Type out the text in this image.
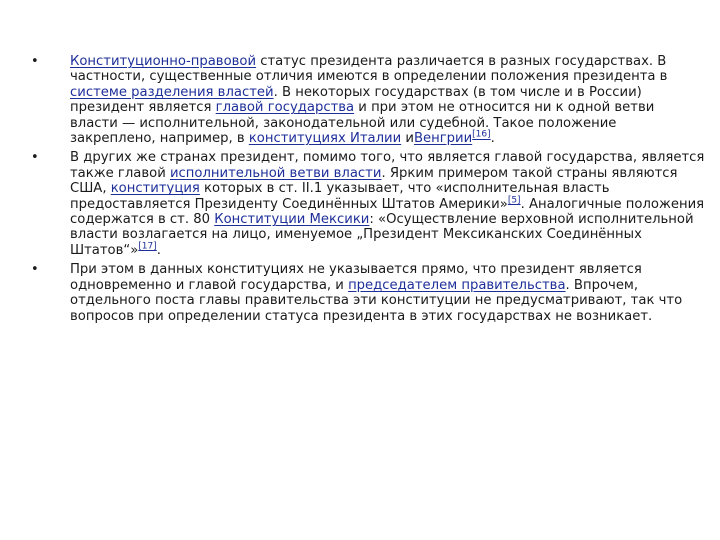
• Конституционно-правовой статус президента различается в разных государствах. В частности, существенные отличия имеются в определении положения президента в системе разделения властей. В некоторых государствах (в том числе и в России) президент является главой государства и при этом не относится ни к одной ветви власти — исполнительной, законодательной или судебной. Такое положение закреплено, например, в конституциях Италии иВенгрии[16].
• В других же странах президент, помимо того, что является главой государства, является также главой исполнительной ветви власти. Ярким примером такой страны являются США, конституция которых в ст. II.1 указывает, что «исполнительная власть предоставляется Президенту Соединённых Штатов Америки»[5]. Аналогичные положения содержатся в ст. 80 Конституции Мексики: «Осуществление верховной исполнительной власти возлагается на лицо, именуемое „Президент Мексиканских Соединённых Штатов“»[17].
• При этом в данных конституциях не указывается прямо, что президент является одновременно и главой государства, и председателем правительства. Впрочем, отдельного поста главы правительства эти конституции не предусматривают, так что вопросов при определении статуса президента в этих государствах не возникает.
